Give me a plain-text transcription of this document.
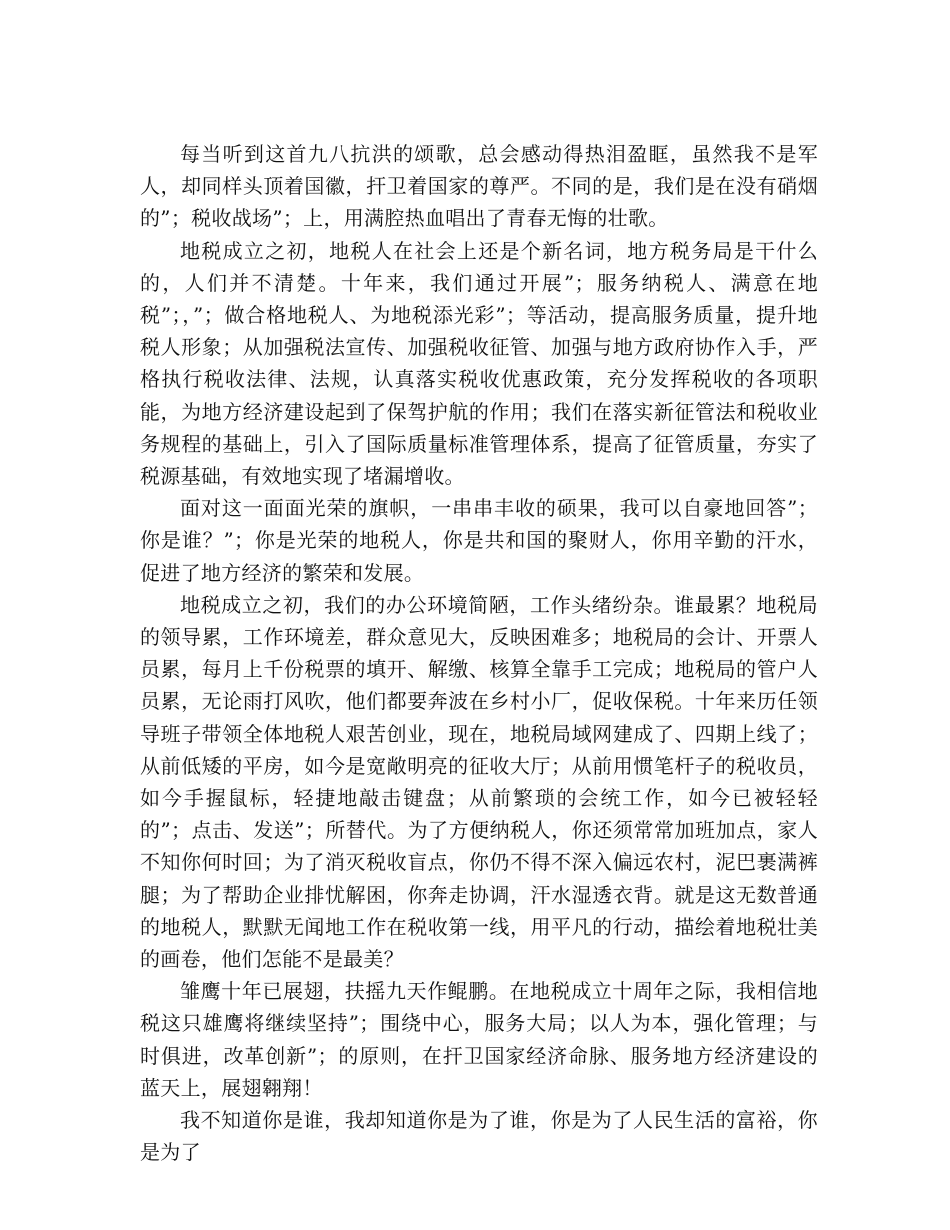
每当听到这首九八抗洪的颂歌，总会感动得热泪盈眶，虽然我不是军人，却同样头顶着国徽，扞卫着国家的尊严。不同的是，我们是在没有硝烟的”；税收战场”；上，用满腔热血唱出了青春无悔的壮歌。

地税成立之初，地税人在社会上还是个新名词，地方税务局是干什么的，人们并不清楚。十年来，我们通过开展”；服务纳税人、满意在地税”；，”；做合格地税人、为地税添光彩”；等活动，提高服务质量，提升地税人形象；从加强税法宣传、加强税收征管、加强与地方政府协作入手，严格执行税收法律、法规，认真落实税收优惠政策，充分发挥税收的各项职能，为地方经济建设起到了保驾护航的作用；我们在落实新征管法和税收业务规程的基础上，引入了国际质量标准管理体系，提高了征管质量，夯实了税源基础，有效地实现了堵漏增收。

面对这一面面光荣的旗帜，一串串丰收的硕果，我可以自豪地回答”；你是谁？”；你是光荣的地税人，你是共和国的聚财人，你用辛勤的汗水，促进了地方经济的繁荣和发展。

地税成立之初，我们的办公环境简陋，工作头绪纷杂。谁最累？地税局的领导累，工作环境差，群众意见大，反映困难多；地税局的会计、开票人员累，每月上千份税票的填开、解缴、核算全靠手工完成；地税局的管户人员累，无论雨打风吹，他们都要奔波在乡村小厂，促收保税。十年来历任领导班子带领全体地税人艰苦创业，现在，地税局域网建成了、四期上线了；从前低矮的平房，如今是宽敞明亮的征收大厅；从前用惯笔杆子的税收员，如今手握鼠标，轻捷地敲击键盘；从前繁琐的会统工作，如今已被轻轻的”；点击、发送”；所替代。为了方便纳税人，你还须常常加班加点，家人不知你何时回；为了消灭税收盲点，你仍不得不深入偏远农村，泥巴裹满裤腿；为了帮助企业排忧解困，你奔走协调，汗水湿透衣背。就是这无数普通的地税人，默默无闻地工作在税收第一线，用平凡的行动，描绘着地税壮美的画卷，他们怎能不是最美？

雏鹰十年已展翅，扶摇九天作鲲鹏。在地税成立十周年之际，我相信地税这只雄鹰将继续坚持”；围绕中心，服务大局；以人为本，强化管理；与时俱进，改革创新”；的原则，在扞卫国家经济命脉、服务地方经济建设的蓝天上，展翅翱翔！

我不知道你是谁，我却知道你是为了谁，你是为了人民生活的富裕，你是为了
